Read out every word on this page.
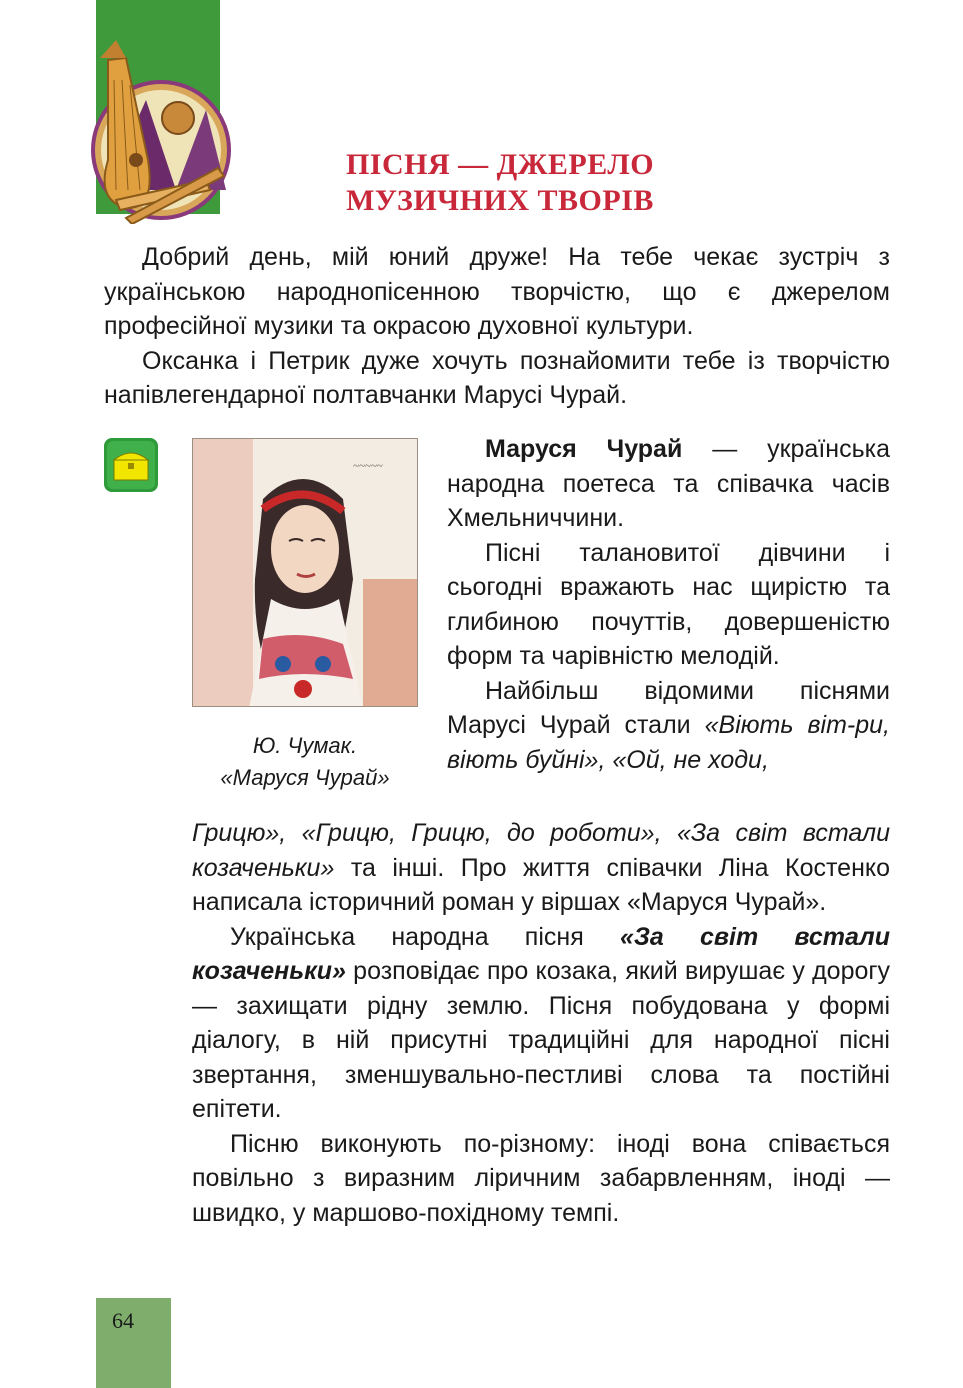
ПІСНЯ — ДЖЕРЕЛО
МУЗИЧНИХ ТВОРІВ
Добрий день, мій юний друже! На тебе чекає зустріч з українською народнопісенною творчістю, що є джерелом професійної музики та окрасою духовної культури.
Оксанка і Петрик дуже хочуть познайомити тебе із творчістю напівлегендарної полтавчанки Марусі Чурай.
~~~~~
Ю. Чумак.
«Маруся Чурай»
Маруся Чурай — українська народна поетеса та співачка часів Хмельниччини.
Пісні талановитої дівчини і сьогодні вражають нас щирістю та глибиною почуттів, довершеністю форм та чарівністю мелодій.
Найбільш відомими піснями Марусі Чурай стали «Віють віт-ри, віють буйні», «Ой, не ходи,
Грицю», «Грицю, Грицю, до роботи», «За світ встали козаченьки» та інші. Про життя співачки Ліна Костенко написала історичний роман у віршах «Маруся Чурай».
Українська народна пісня «За світ встали козаченьки» розповідає про козака, який вирушає у дорогу — захищати рідну землю. Пісня побудована у формі діалогу, в ній присутні традиційні для народної пісні звертання, зменшувально-пестливі слова та постійні епітети.
Пісню виконують по-різному: іноді вона співається повільно з виразним ліричним забарвленням, іноді — швидко, у маршово-похідному темпі.
64
